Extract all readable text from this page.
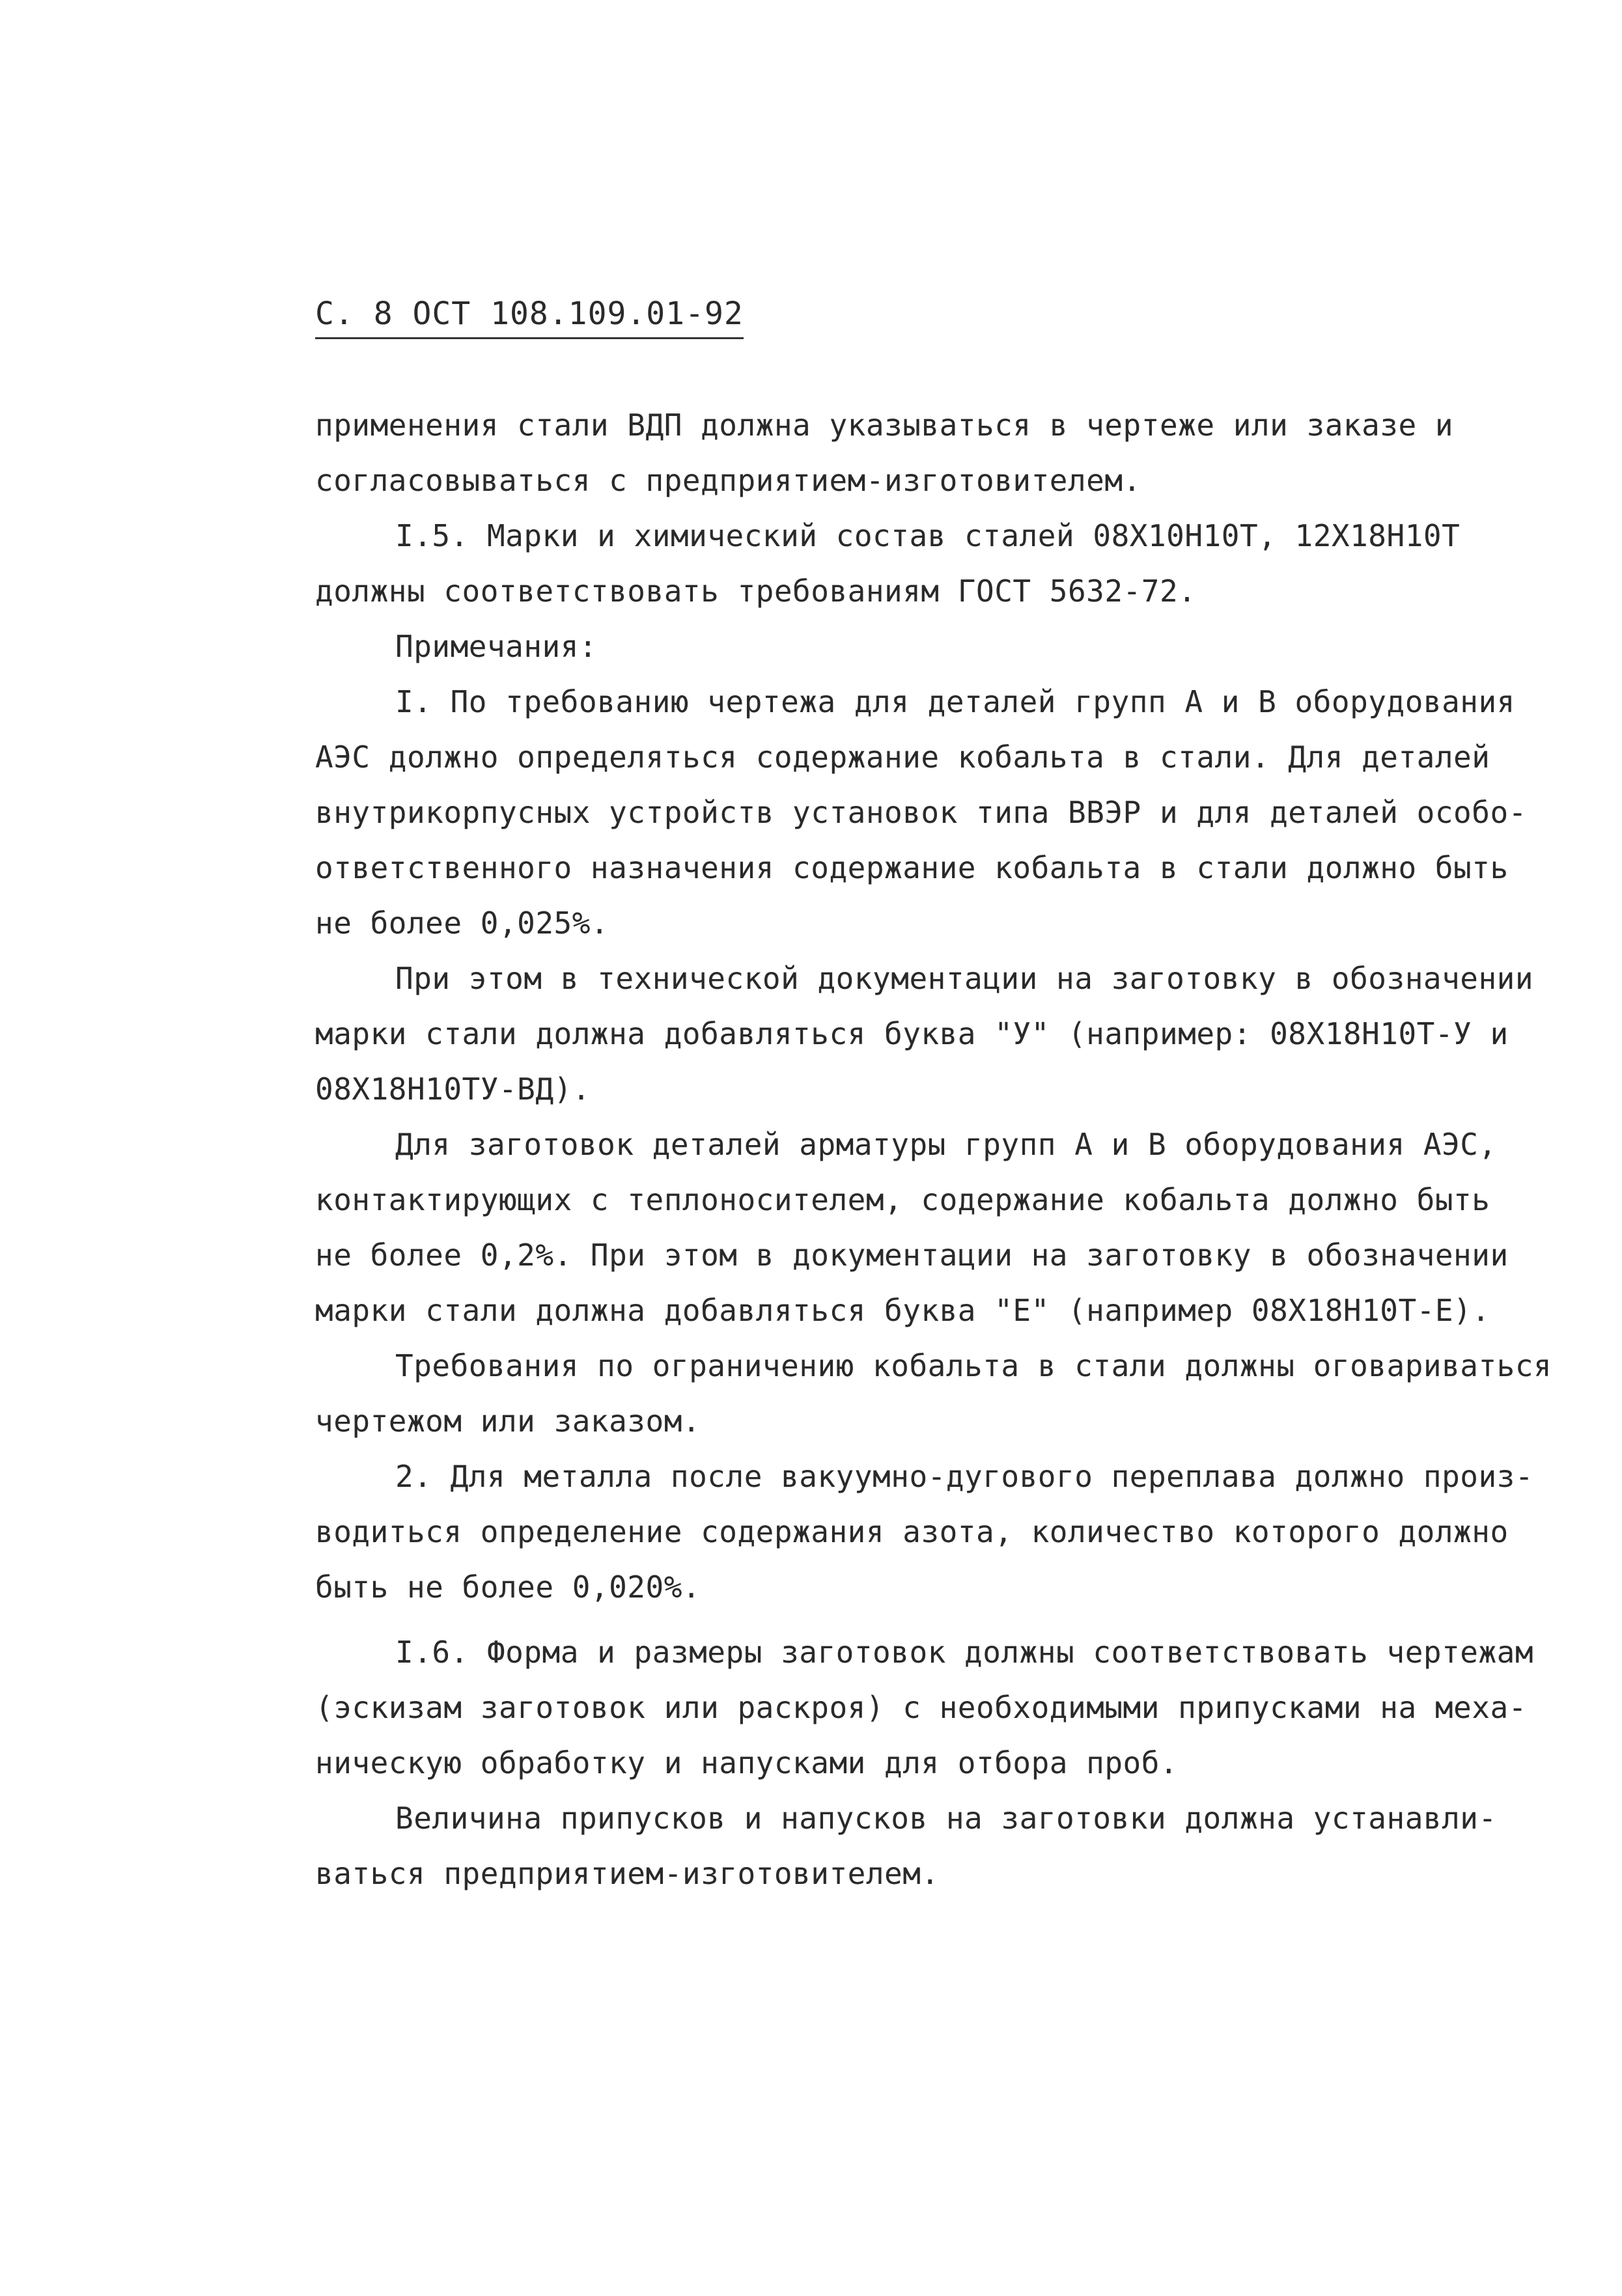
С. 8 ОСТ 108.109.01-92
применения стали ВДП должна указываться в чертеже или заказе и
согласовываться с предприятием-изготовителем.
I.5. Марки и химический состав сталей 08Х10Н10Т, 12Х18Н10Т
должны соответствовать требованиям ГОСТ 5632-72.
Примечания:
I. По требованию чертежа для деталей групп А и В оборудования
АЭС должно определяться содержание кобальта в стали. Для деталей
внутрикорпусных устройств установок типа ВВЭР и для деталей особо-
ответственного назначения содержание кобальта в стали должно быть
не более 0,025%.
При этом в технической документации на заготовку в обозначении
марки стали должна добавляться буква "У" (например: 08Х18Н10Т-У и
08Х18Н10ТУ-ВД).
Для заготовок деталей арматуры групп А и В оборудования АЭС,
контактирующих с теплоносителем, содержание кобальта должно быть
не более 0,2%. При этом в документации на заготовку в обозначении
марки стали должна добавляться буква "Е" (например 08Х18Н10Т-Е).
Требования по ограничению кобальта в стали должны оговариваться
чертежом или заказом.
2. Для металла после вакуумно-дугового переплава должно произ-
водиться определение содержания азота, количество которого должно
быть не более 0,020%.
I.6. Форма и размеры заготовок должны соответствовать чертежам
(эскизам заготовок или раскроя) с необходимыми припусками на меха-
ническую обработку и напусками для отбора проб.
Величина припусков и напусков на заготовки должна устанавли-
ваться предприятием-изготовителем.
